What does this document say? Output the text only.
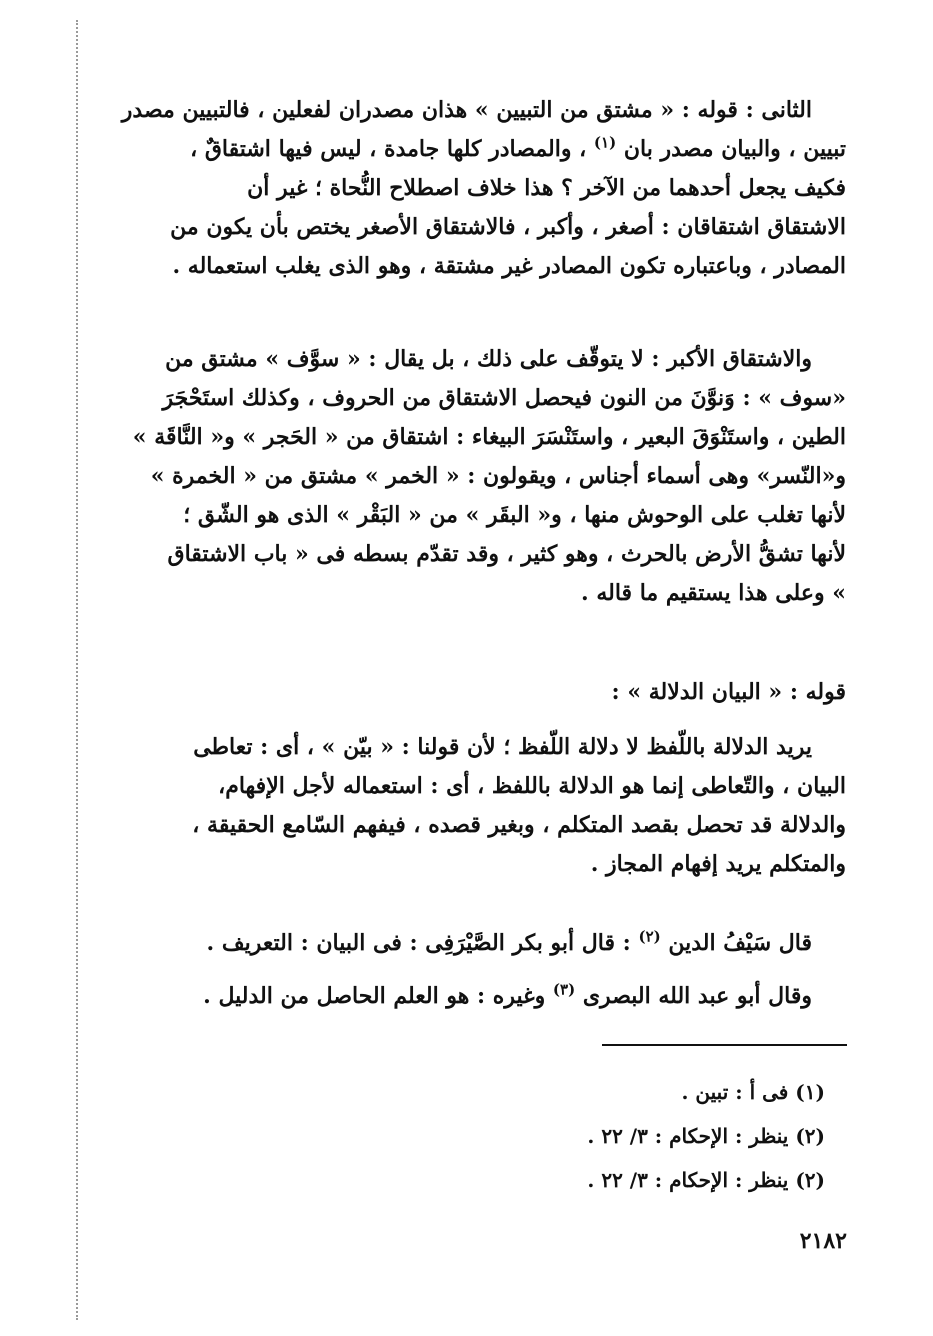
الثانى : قوله : « مشتق من التبيين » هذان مصدران لفعلين ، فالتبيين مصدر
تبيين ، والبيان مصدر بان $^{(١)}$ ، والمصادر كلها جامدة ، ليس فيها اشتقاقٌ ،
فكيف يجعل أحدهما من الآخر ؟ هذا خلاف اصطلاح النُّحاة ؛ غير أن
الاشتقاق اشتقاقان : أصغر ، وأكبر ، فالاشتقاق الأصغر يختص بأن يكون من
المصادر ، وباعتباره تكون المصادر غير مشتقة ، وهو الذى يغلب استعماله .
والاشتقاق الأكبر : لا يتوقّف على ذلك ، بل يقال : « سوَّف » مشتق من
«سوف » : وَنوَّنَ من النون فيحصل الاشتقاق من الحروف ، وكذلك استَحْجَرَ
الطين ، واستَنْوَقَ البعير ، واستَنْسَرَ البيغاء : اشتقاق من « الحَجر » و« النَّاقَة »
و«النّسر» وهى أسماء أجناس ، ويقولون : « الخمر » مشتق من « الخمرة »
لأنها تغلب على الوحوش منها ، و« البقَر » من « البَقْر » الذى هو الشّق ؛
لأنها تشقُّ الأرض بالحرث ، وهو كثير ، وقد تقدّم بسطه فى « باب الاشتقاق
» وعلى هذا يستقيم ما قاله .
قوله : « البيان الدلالة » :
يريد الدلالة باللّفظ لا دلالة اللّفظ ؛ لأن قولنا : « بيّن » ، أى : تعاطى
البيان ، والتّعاطى إنما هو الدلالة باللفظ ، أى : استعماله لأجل الإفهام،
والدلالة قد تحصل بقصد المتكلم ، وبغير قصده ، فيفهم السّامع الحقيقة ،
والمتكلم يريد إفهام المجاز .
قال سَيْفُ الدين $^{(٢)}$ : قال أبو بكر الصَّيْرَفِى : فى البيان : التعريف .
وقال أبو عبد الله البصرى $^{(٣)}$ وغيره : هو العلم الحاصل من الدليل .
(١) فى أ : تبين .
(٢) ينظر : الإحكام : ٣/ ٢٢ .
(٢) ينظر : الإحكام : ٣/ ٢٢ .
٢١٨٢
